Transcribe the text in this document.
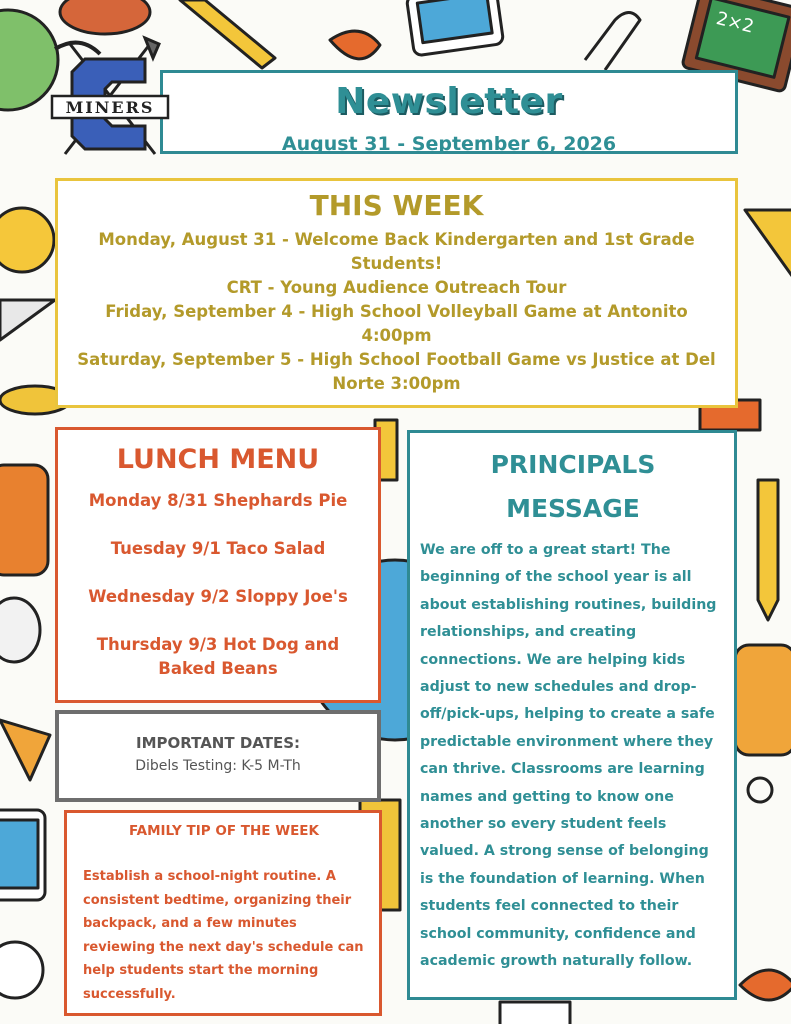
2×2
MINERS	Newsletter

August 31 - September 6, 2026

THIS WEEK

Monday, August 31 - Welcome Back Kindergarten and 1st Grade Students!

CRT - Young Audience Outreach Tour

Friday, September 4 - High School Volleyball Game at Antonito 4:00pm

Saturday, September 5 - High School Football Game vs Justice at Del Norte 3:00pm

LUNCH MENU

Monday 8/31 Shephards Pie

Tuesday 9/1 Taco Salad

Wednesday 9/2 Sloppy Joe's

Thursday 9/3 Hot Dog and Baked Beans

IMPORTANT DATES:

Dibels Testing: K-5 M-Th

FAMILY TIP OF THE WEEK

Establish a school-night routine. A consistent bedtime, organizing their backpack, and a few minutes reviewing the next day's schedule can help students start the morning successfully.

PRINCIPALS MESSAGE

We are off to a great start! The beginning of the school year is all about establishing routines, building relationships, and creating connections. We are helping kids adjust to new schedules and drop-off/pick-ups, helping to create a safe predictable environment where they can thrive. Classrooms are learning names and getting to know one another so every student feels valued. A strong sense of belonging is the foundation of learning. When students feel connected to their school community, confidence and academic growth naturally follow.
